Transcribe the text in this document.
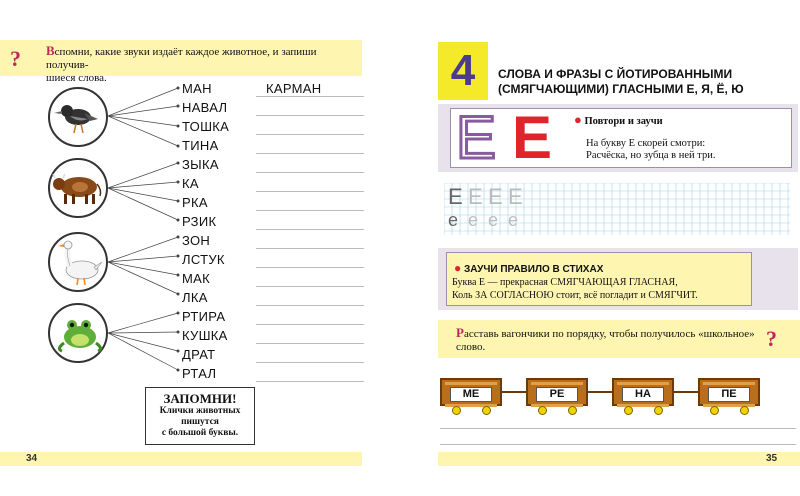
? Вспомни, какие звуки издаёт каждое животное, и запиши получив-
шиеся слова.
МАН
НАВАЛ
ТОШКА
ТИНА
ЗЫКА
КА
РКА
РЗИК
ЗОН
ЛСТУК
МАК
ЛКА
РТИРА
КУШКА
ДРАТ
РТАЛ
КАРМАН
ЗАПОМНИ!
Клички животных
пишутся
с большой буквы.
34
4	СЛОВА И ФРАЗЫ С ЙОТИРОВАННЫМИ
(СМЯГЧАЮЩИМИ) ГЛАСНЫМИ Е, Я, Ё, Ю
Е Е ● Повтори и заучи
На букву Е скорей смотри:
Расчёска, но зубца в ней три.
Е Е Е Е
е е е е
● ЗАУЧИ ПРАВИЛО В СТИХАХ
Буква Е — прекрасная СМЯГЧАЮЩАЯ ГЛАСНАЯ,
Коль ЗА СОГЛАСНОЮ стоит, всё погладит и СМЯГЧИТ.
Расставь вагончики по порядку, чтобы получилось «школьное»
слово.	?
МЕ	РЕ	НА	ПЕ
35
